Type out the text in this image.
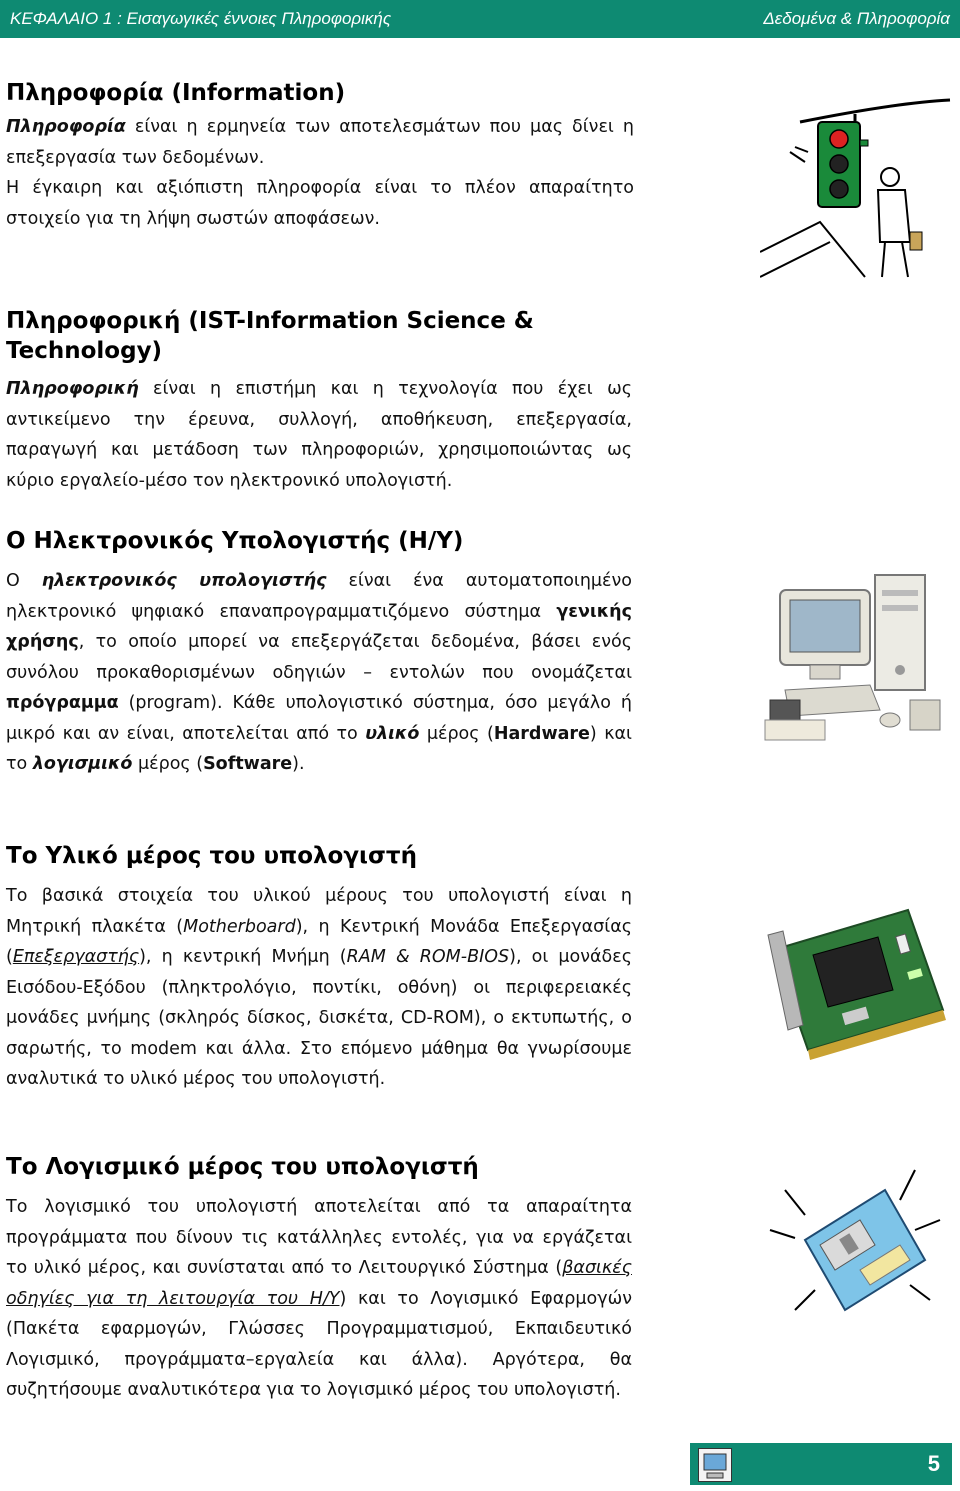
ΚΕΦΑΛΑΙΟ 1 : Εισαγωγικές έννοιες Πληροφορικής	Δεδομένα & Πληροφορία
Πληροφορία (Information)

Πληροφορία είναι η ερμηνεία των αποτελεσμάτων που μας δίνει η επεξεργασία των δεδομένων.

Η έγκαιρη και αξιόπιστη πληροφορία είναι το πλέον απαραίτητο στοιχείο για τη λήψη σωστών αποφάσεων.

Πληροφορική (IST-Information Science & Technology)

Πληροφορική είναι η επιστήμη και η τεχνολογία που έχει ως αντικείμενο την έρευνα, συλλογή, αποθήκευση, επεξεργασία, παραγωγή και μετάδοση των πληροφοριών, χρησιμοποιώντας ως κύριο εργαλείο-μέσο τον ηλεκτρονικό υπολογιστή.

Ο Ηλεκτρονικός Υπολογιστής (Η/Υ)

Ο ηλεκτρονικός υπολογιστής είναι ένα αυτοματοποιημένο ηλεκτρονικό ψηφιακό επαναπρογραμματιζόμενο σύστημα γενικής χρήσης, το οποίο μπορεί να επεξεργάζεται δεδομένα, βάσει ενός συνόλου προκαθορισμένων οδηγιών – εντολών που ονομάζεται πρόγραμμα (program). Κάθε υπολογιστικό σύστημα, όσο μεγάλο ή μικρό και αν είναι, αποτελείται από το υλικό μέρος (Hardware) και το λογισμικό μέρος (Software).

Το Υλικό μέρος του υπολογιστή

Το βασικά στοιχεία του υλικού μέρους του υπολογιστή είναι η Μητρική πλακέτα (Motherboard), η Κεντρική Μονάδα Επεξεργασίας (Επεξεργαστής), η κεντρική Μνήμη (RAM & ROM-BIOS), οι μονάδες Εισόδου-Εξόδου (πληκτρολόγιο, ποντίκι, οθόνη) οι περιφερειακές μονάδες μνήμης (σκληρός δίσκος, δισκέτα, CD-ROM), ο εκτυπωτής, ο σαρωτής, το modem και άλλα. Στο επόμενο μάθημα θα γνωρίσουμε αναλυτικά το υλικό μέρος του υπολογιστή.

Το Λογισμικό μέρος του υπολογιστή

Το λογισμικό του υπολογιστή αποτελείται από τα απαραίτητα προγράμματα που δίνουν τις κατάλληλες εντολές, για να εργάζεται το υλικό μέρος, και συνίσταται από το Λειτουργικό Σύστημα (βασικές οδηγίες για τη λειτουργία του Η/Υ) και το Λογισμικό Εφαρμογών (Πακέτα εφαρμογών, Γλώσσες Προγραμματισμού, Εκπαιδευτικό Λογισμικό, προγράμματα–εργαλεία και άλλα). Αργότερα, θα συζητήσουμε αναλυτικότερα για το λογισμικό μέρος του υπολογιστή.

5
